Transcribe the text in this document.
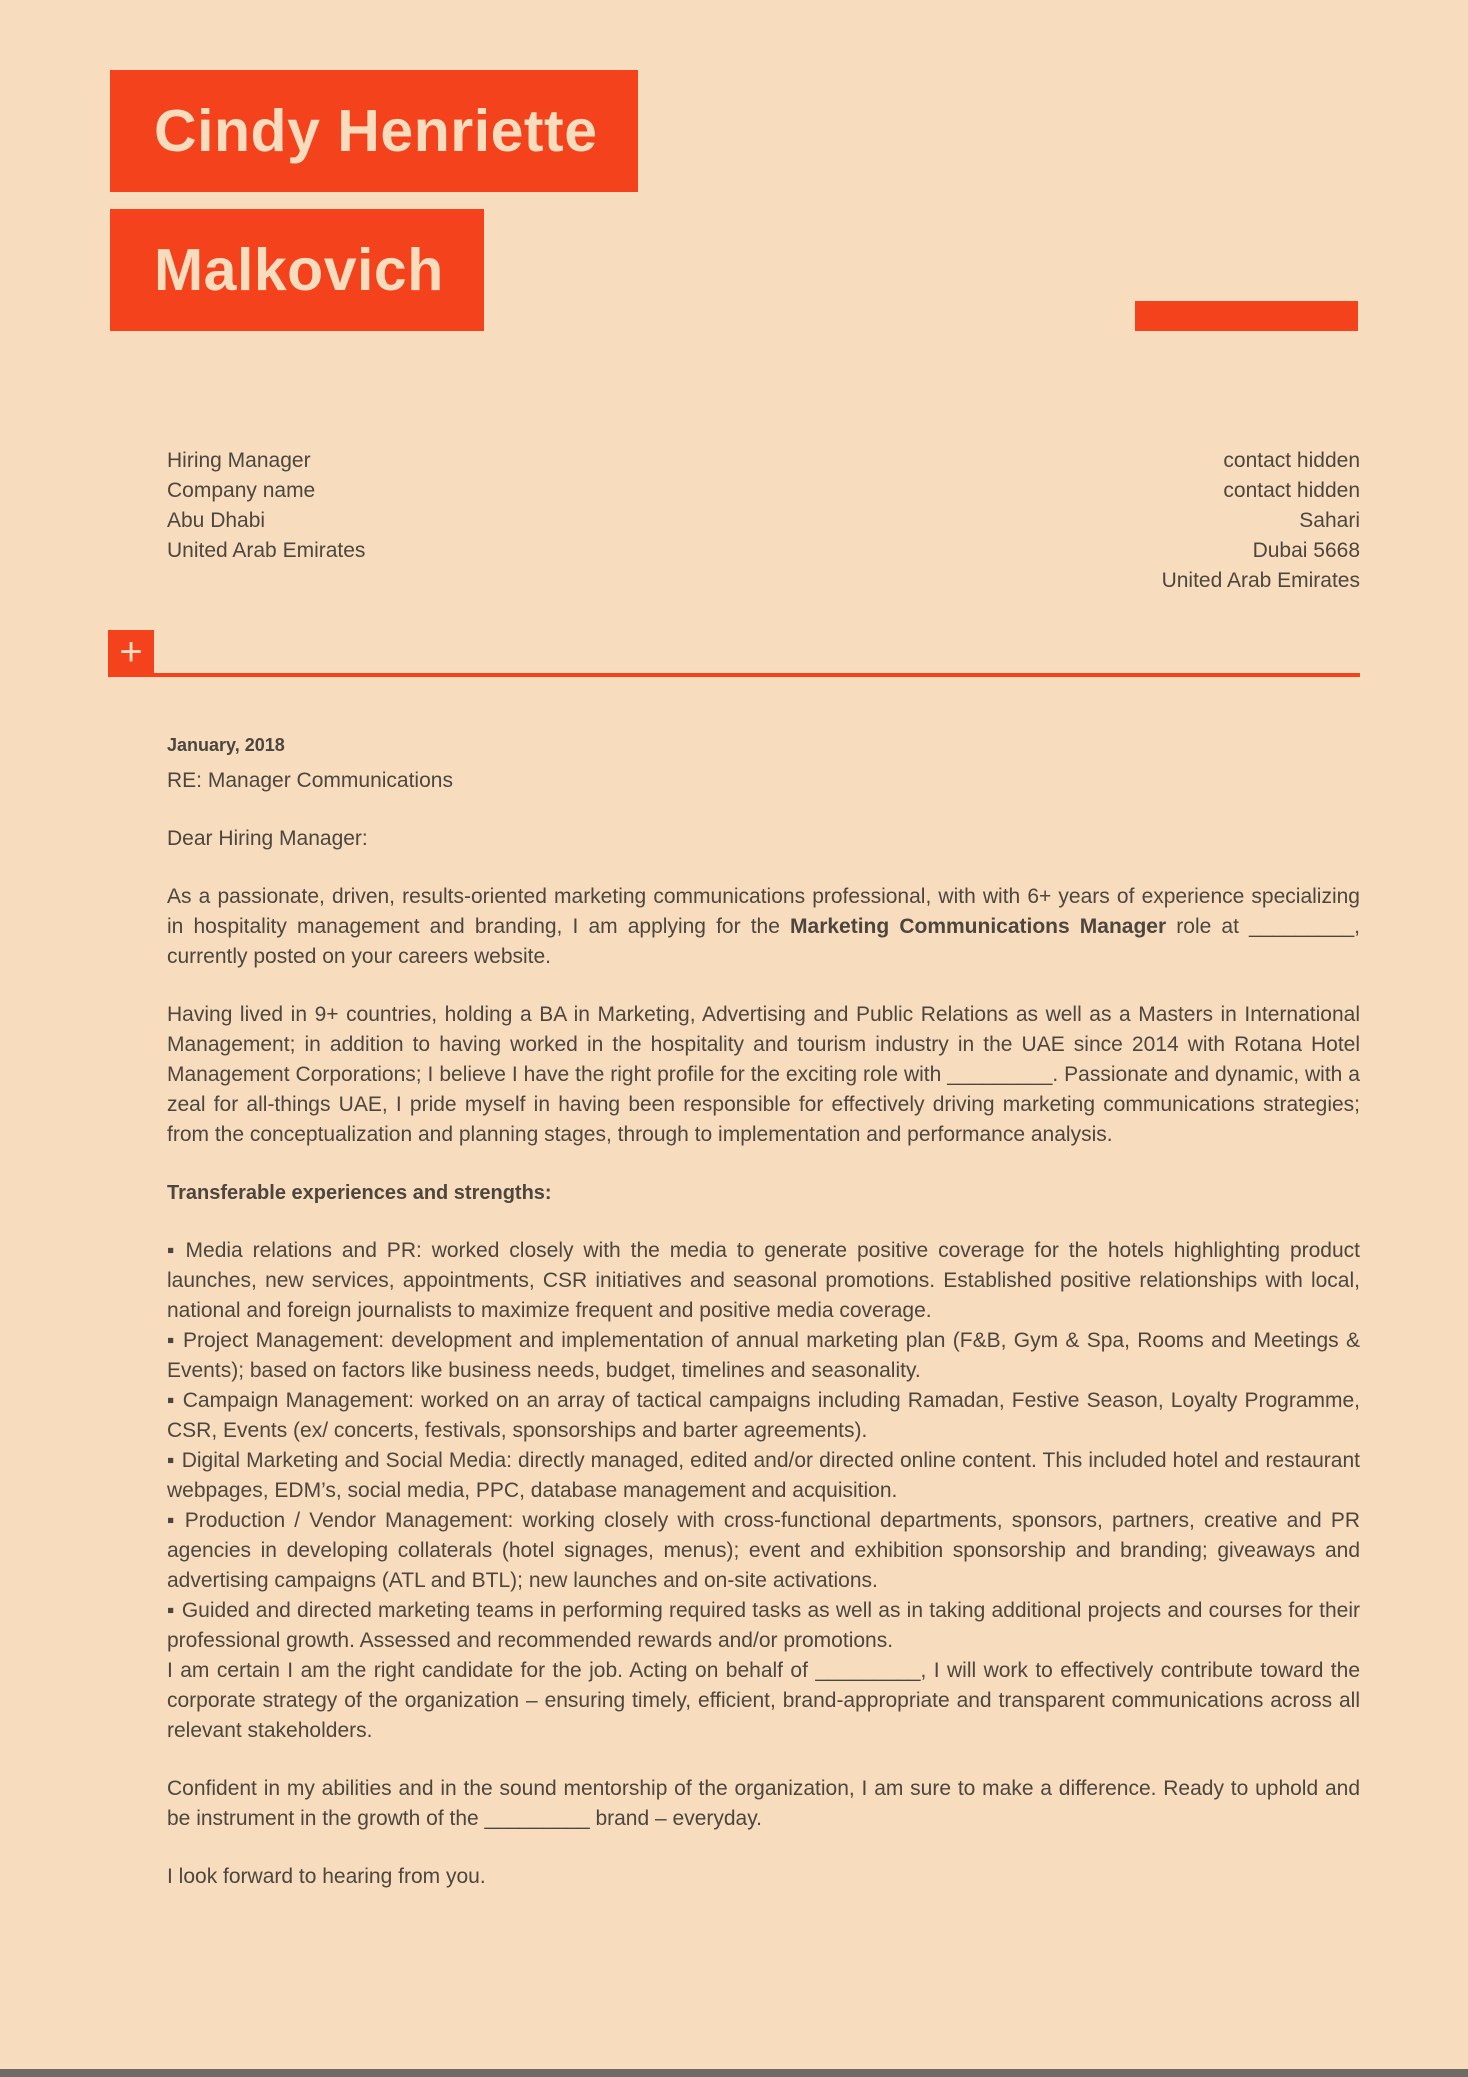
Cindy Henriette
Malkovich
Hiring Manager
Company name
Abu Dhabi
United Arab Emirates
contact hidden
contact hidden
Sahari
Dubai 5668
United Arab Emirates
+

January, 2018

RE: Manager Communications

Dear Hiring Manager:

As a passionate, driven, results-oriented marketing communications professional, with with 6+ years of experience specializing in hospitality management and branding, I am applying for the Marketing Communications Manager role at _________, currently posted on your careers website.

Having lived in 9+ countries, holding a BA in Marketing, Advertising and Public Relations as well as a Masters in International Management; in addition to having worked in the hospitality and tourism industry in the UAE since 2014 with Rotana Hotel Management Corporations; I believe I have the right profile for the exciting role with _________. Passionate and dynamic, with a zeal for all-things UAE, I pride myself in having been responsible for effectively driving marketing communications strategies; from the conceptualization and planning stages, through to implementation and performance analysis.

Transferable experiences and strengths:

▪ Media relations and PR: worked closely with the media to generate positive coverage for the hotels highlighting product launches, new services, appointments, CSR initiatives and seasonal promotions. Established positive relationships with local, national and foreign journalists to maximize frequent and positive media coverage.

▪ Project Management: development and implementation of annual marketing plan (F&B, Gym & Spa, Rooms and Meetings & Events); based on factors like business needs, budget, timelines and seasonality.

▪ Campaign Management: worked on an array of tactical campaigns including Ramadan, Festive Season, Loyalty Programme, CSR, Events (ex/ concerts, festivals, sponsorships and barter agreements).

▪ Digital Marketing and Social Media: directly managed, edited and/or directed online content. This included hotel and restaurant webpages, EDM’s, social media, PPC, database management and acquisition.

▪ Production / Vendor Management: working closely with cross-functional departments, sponsors, partners, creative and PR agencies in developing collaterals (hotel signages, menus); event and exhibition sponsorship and branding; giveaways and advertising campaigns (ATL and BTL); new launches and on-site activations.

▪ Guided and directed marketing teams in performing required tasks as well as in taking additional projects and courses for their professional growth. Assessed and recommended rewards and/or promotions.

I am certain I am the right candidate for the job. Acting on behalf of _________, I will work to effectively contribute toward the corporate strategy of the organization – ensuring timely, efficient, brand-appropriate and transparent communications across all relevant stakeholders.

Confident in my abilities and in the sound mentorship of the organization, I am sure to make a difference. Ready to uphold and be instrument in the growth of the _________ brand – everyday.

I look forward to hearing from you.
